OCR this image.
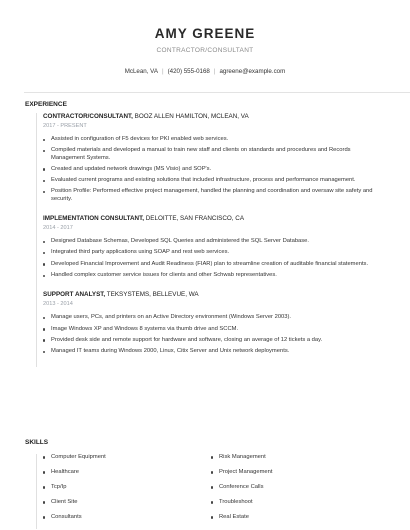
AMY GREENE
CONTRACTOR/CONSULTANT
McLean, VA | (420) 555-0168 | agreene@example.com
EXPERIENCE
CONTRACTOR/CONSULTANT, BOOZ ALLEN HAMILTON, MCLEAN, VA
2017 - PRESENT
Assisted in configuration of F5 devices for PKI enabled web services.
Compiled materials and developed a manual to train new staff and clients on standards and procedures and Records Management Systems.
Created and updated network drawings (MS Visio) and SOP's.
Evaluated current programs and existing solutions that included infrastructure, process and performance management.
Position Profile: Performed effective project management, handled the planning and coordination and oversaw site safety and security.
IMPLEMENTATION CONSULTANT, DELOITTE, SAN FRANCISCO, CA
2014 - 2017
Designed Database Schemas, Developed SQL Queries and administered the SQL Server Database.
Integrated third party applications using SOAP and rest web services.
Developed Financial Improvement and Audit Readiness (FIAR) plan to streamline creation of auditable financial statements.
Handled complex customer service issues for clients and other Schwab representatives.
SUPPORT ANALYST, TEKSYSTEMS, BELLEVUE, WA
2013 - 2014
Manage users, PCs, and printers on an Active Directory environment (Windows Server 2003).
Image Windows XP and Windows 8 systems via thumb drive and SCCM.
Provided desk side and remote support for hardware and software, closing an average of 12 tickets a day.
Managed IT teams during Windows 2000, Linux, Citix Server and Unix network deployments.
SKILLS
Computer Equipment
Healthcare
Tcp/Ip
Client Site
Consultants
Risk Management
Project Management
Conference Calls
Troubleshoot
Real Estate
